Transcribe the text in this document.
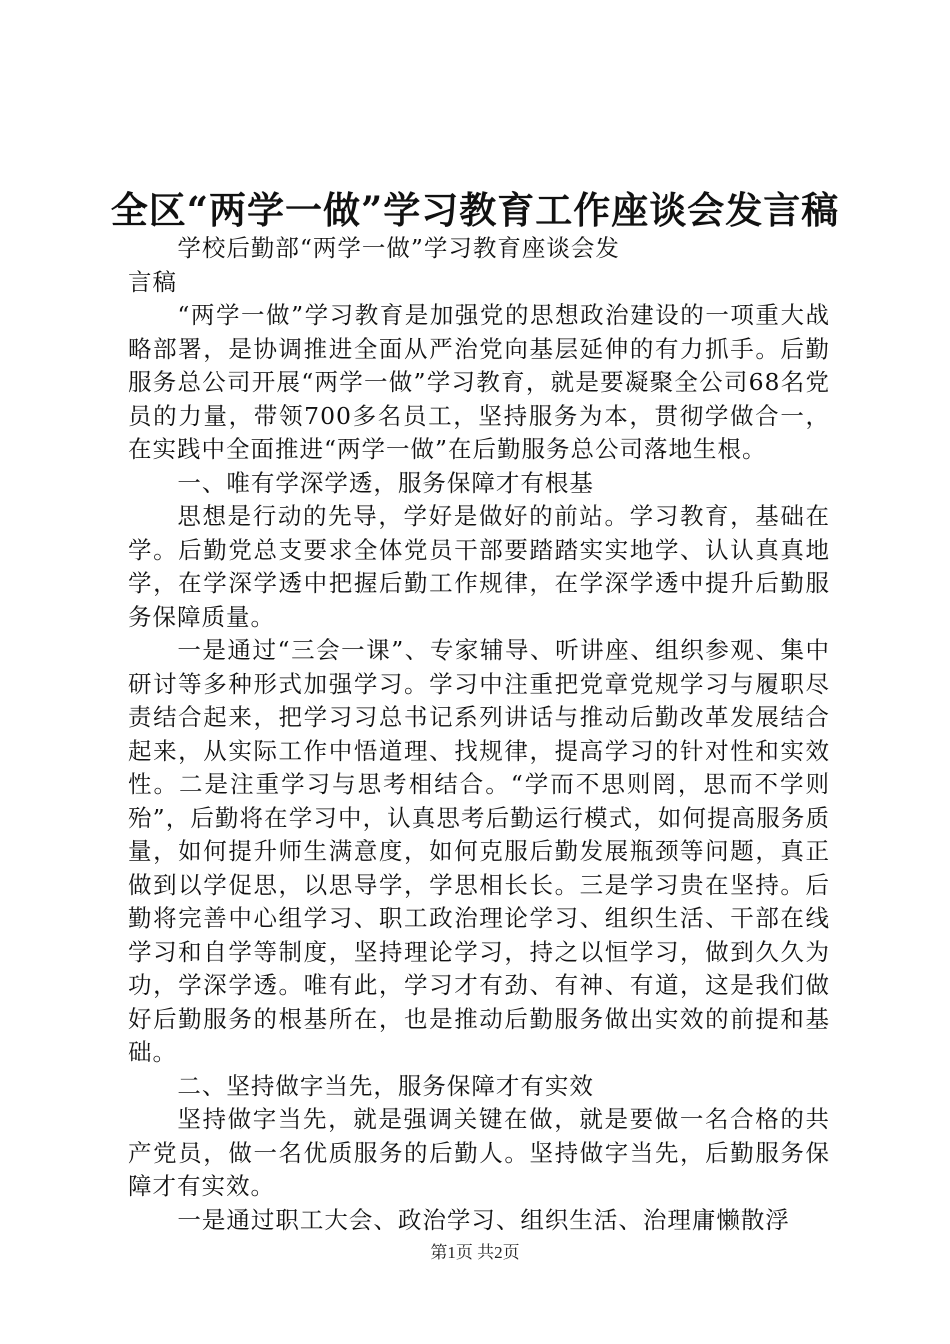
全区“两学一做”学习教育工作座谈会发言稿

学校后勤部“两学一做”学习教育座谈会发言稿

“两学一做”学习教育是加强党的思想政治建设的一项重大战略部署，是协调推进全面从严治党向基层延伸的有力抓手。后勤服务总公司开展“两学一做”学习教育，就是要凝聚全公司68名党员的力量，带领700多名员工，坚持服务为本，贯彻学做合一，在实践中全面推进“两学一做”在后勤服务总公司落地生根。

一、唯有学深学透，服务保障才有根基

思想是行动的先导，学好是做好的前站。学习教育，基础在学。后勤党总支要求全体党员干部要踏踏实实地学、认认真真地学，在学深学透中把握后勤工作规律，在学深学透中提升后勤服务保障质量。

一是通过“三会一课”、专家辅导、听讲座、组织参观、集中研讨等多种形式加强学习。学习中注重把党章党规学习与履职尽责结合起来，把学习习总书记系列讲话与推动后勤改革发展结合起来，从实际工作中悟道理、找规律，提高学习的针对性和实效性。二是注重学习与思考相结合。“学而不思则罔，思而不学则殆”，后勤将在学习中，认真思考后勤运行模式，如何提高服务质量，如何提升师生满意度，如何克服后勤发展瓶颈等问题，真正做到以学促思，以思导学，学思相长长。三是学习贵在坚持。后勤将完善中心组学习、职工政治理论学习、组织生活、干部在线学习和自学等制度，坚持理论学习，持之以恒学习，做到久久为功，学深学透。唯有此，学习才有劲、有神、有道，这是我们做好后勤服务的根基所在，也是推动后勤服务做出实效的前提和基础。

二、坚持做字当先，服务保障才有实效

坚持做字当先，就是强调关键在做，就是要做一名合格的共产党员，做一名优质服务的后勤人。坚持做字当先，后勤服务保障才有实效。

一是通过职工大会、政治学习、组织生活、治理庸懒散浮

第1页 共2页
